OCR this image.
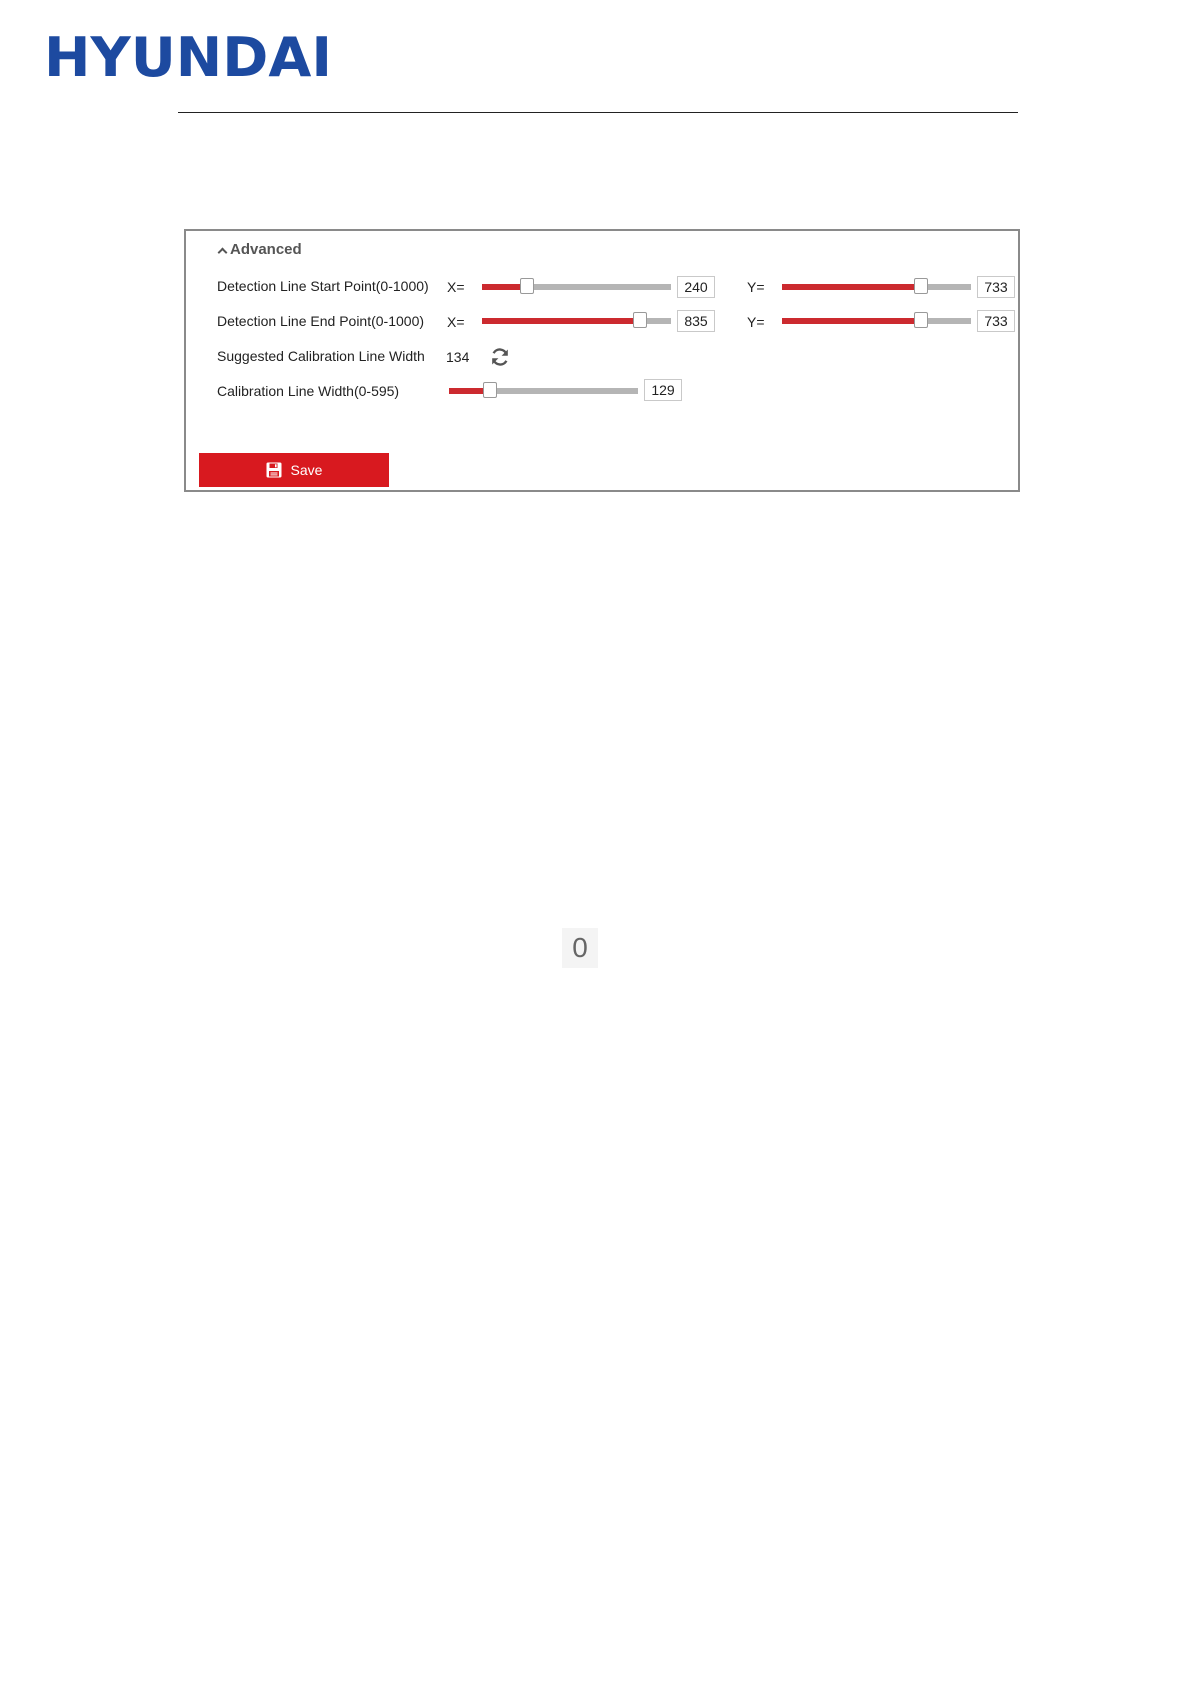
HYUNDAI
Advanced
Detection Line Start Point(0-1000) X=
240	Y=
733
Detection Line End Point(0-1000) X=
835	Y=
733
Suggested Calibration Line Width 134
Calibration Line Width(0-595)
129
Save
0
